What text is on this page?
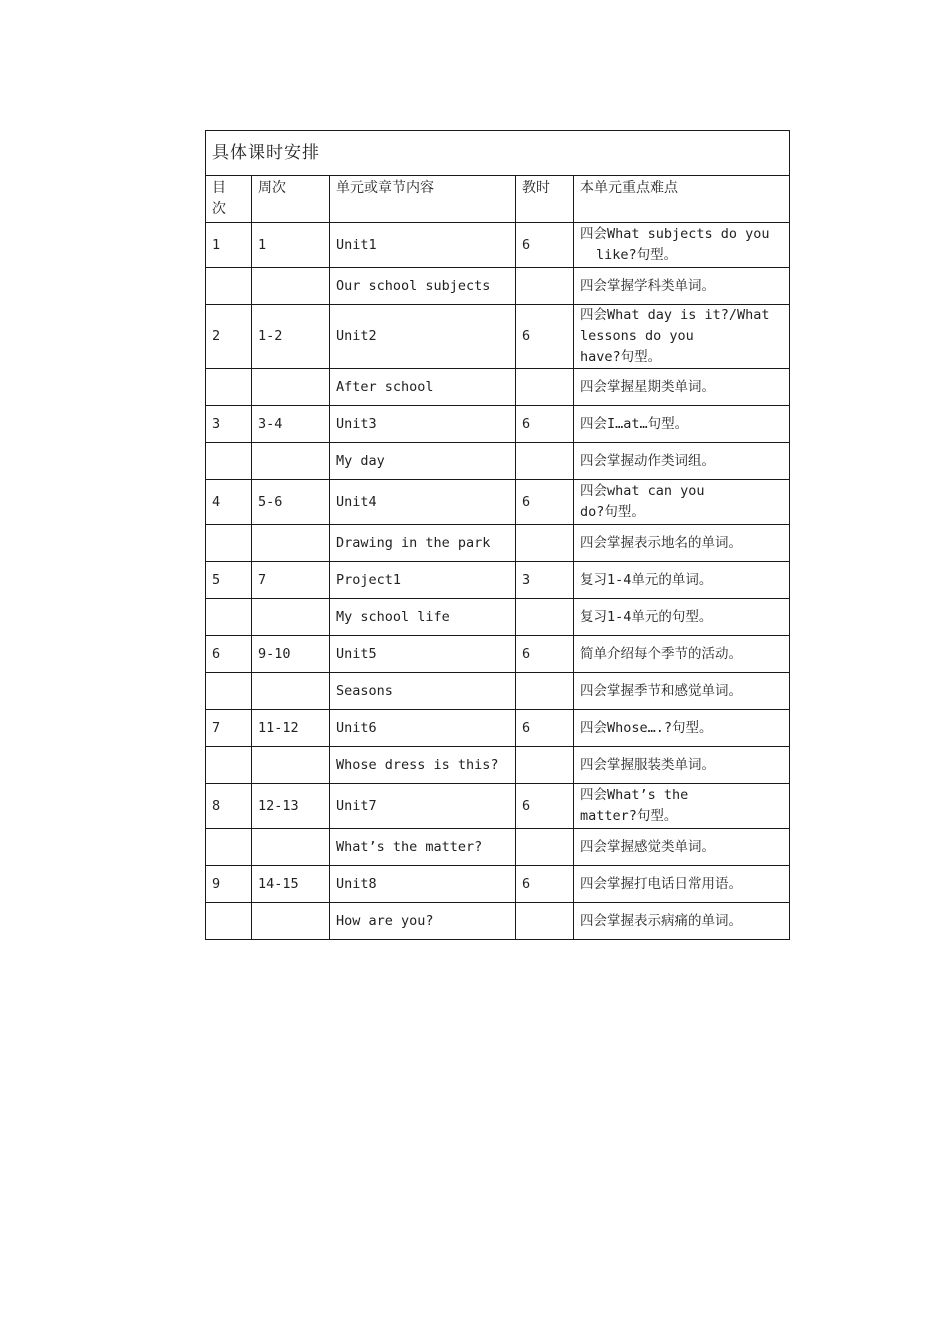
具体课时安排				
目次	周次	单元或章节内容	教时	本单元重点难点
1	1	Unit1	6	四会What subjects do you
like?句型。

		Our school subjects		四会掌握学科类单词。
2	1-2	Unit2	6	四会What day is it?/What
lessons do you
have?句型。

		After school		四会掌握星期类单词。
3	3-4	Unit3	6	四会I…at…句型。
		My day		四会掌握动作类词组。
4	5-6	Unit4	6	四会what can you
do?句型。

		Drawing in the park		四会掌握表示地名的单词。
5	7	Project1	3	复习1-4单元的单词。
		My school life		复习1-4单元的句型。
6	9-10	Unit5	6	简单介绍每个季节的活动。
		Seasons		四会掌握季节和感觉单词。
7	11-12	Unit6	6	四会Whose….?句型。
		Whose dress is this?		四会掌握服装类单词。
8	12-13	Unit7	6	四会What’s the
matter?句型。

		What’s the matter?		四会掌握感觉类单词。
9	14-15	Unit8	6	四会掌握打电话日常用语。
		How are you?		四会掌握表示病痛的单词。
